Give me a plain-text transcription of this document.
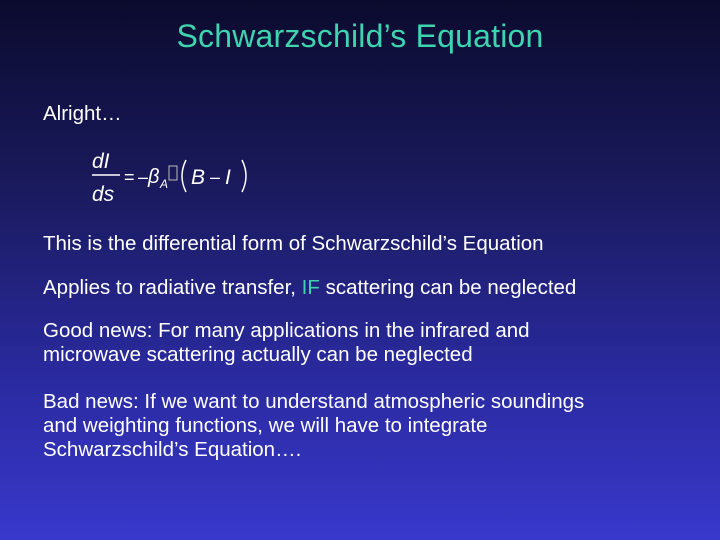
Schwarzschild’s Equation
Alright…
dI
ds
= – β A B – I
This is the differential form of Schwarzschild’s Equation
Applies to radiative transfer, IF scattering can be neglected
Good news: For many applications in the infrared and
microwave scattering actually can be neglected
Bad news: If we want to understand atmospheric soundings
and weighting functions, we will have to integrate
Schwarzschild’s Equation….
